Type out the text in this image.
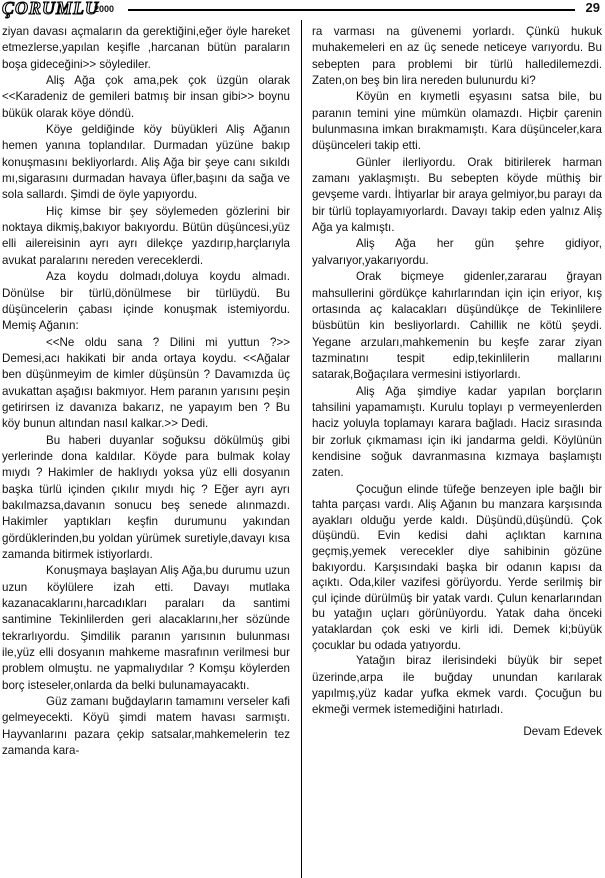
ÇORUMLU
2000	29

ziyan davası açmaların da gerektiğini,eğer öyle hareket etmezlerse,yapılan keşifle ,harcanan bütün paraların boşa gideceğini>> söylediler.

Aliş Ağa çok ama,pek çok üzgün olarak <<Karadeniz de gemileri batmış bir insan gibi>> boynu bükük olarak köye döndü.

Köye geldiğinde köy büyükleri Aliş Ağanın hemen yanına toplandılar. Durmadan yüzüne bakıp konuşmasını bekliyorlardı. Aliş Ağa bir şeye canı sıkıldı mı,sigarasını durmadan havaya üfler,başını da sağa ve sola sallardı. Şimdi de öyle yapıyordu.

Hiç kimse bir şey söylemeden gözlerini bir noktaya dikmiş,bakıyor bakıyordu. Bütün düşüncesi,yüz elli ailereisinin ayrı ayrı dilekçe yazdırıp,harçlarıyla avukat paralarını nereden vereceklerdi.

Aza koydu dolmadı,doluya koydu almadı. Dönülse bir türlü,dönülmese bir türlüydü. Bu düşüncelerin çabası içinde konuşmak istemiyordu. Memiş Ağanın:

<<Ne oldu sana ? Dilini mi yuttun ?>> Demesi,acı hakikati bir anda ortaya koydu. <<Ağalar ben düşünmeyim de kimler düşünsün ? Davamızda üç avukattan aşağısı bakmıyor. Hem paranın yarısını peşin getirirsen iz davanıza bakarız, ne yapayım ben ? Bu köy bunun altından nasıl kalkar.>> Dedi.

Bu haberi duyanlar soğuksu dökülmüş gibi yerlerinde dona kaldılar. Köyde para bulmak kolay mıydı ? Hakimler de haklıydı yoksa yüz elli dosyanın başka türlü içinden çıkılır mıydı hiç ? Eğer ayrı ayrı bakılmazsa,davanın sonucu beş senede alınmazdı. Hakimler yaptıkları keşfin durumunu yakından gördüklerinden,bu yoldan yürümek suretiyle,davayı kısa zamanda bitirmek istiyorlardı.

Konuşmaya başlayan Aliş Ağa,bu durumu uzun uzun köylülere izah etti. Davayı mutlaka kazanacaklarını,harcadıkları paraları da santimi santimine Tekinlilerden geri alacaklarını,her sözünde tekrarlıyordu. Şimdilik paranın yarısının bulunması ile,yüz elli dosyanın mahkeme masrafının verilmesi bur problem olmuştu. ne yapmalıydılar ? Komşu köylerden borç isteseler,onlarda da belki bulunamayacaktı.

Güz zamanı buğdayların tamamını verseler kafi gelmeyecekti. Köyü şimdi matem havası sarmıştı. Hayvanlarını pazara çekip satsalar,mahkemelerin tez zamanda kara-

ra varması na güvenemi yorlardı. Çünkü hukuk muhakemeleri en az üç senede neticeye varıyordu. Bu sebepten para problemi bir türlü halledilemezdi. Zaten,on beş bin lira nereden bulunurdu ki?

Köyün en kıymetli eşyasını satsa bile, bu paranın temini yine mümkün olamazdı. Hiçbir çarenin bulunmasına imkan bırakmamıştı. Kara düşünceler,kara düşünceleri takip etti.

Günler ilerliyordu. Orak bitirilerek harman zamanı yaklaşmıştı. Bu sebepten köyde müthiş bir gevşeme vardı. İhtiyarlar bir araya gelmiyor,bu parayı da bir türlü toplayamıyorlardı. Davayı takip eden yalnız Aliş Ağa ya kalmıştı.

Aliş Ağa her gün şehre gidiyor, yalvarıyor,yakarıyordu.

Orak biçmeye gidenler,zararau ğrayan mahsullerini gördükçe kahırlarından için için eriyor, kış ortasında aç kalacakları düşündükçe de Tekinlilere büsbütün kin besliyorlardı. Cahillik ne kötü şeydi. Yegane arzuları,mahkemenin bu keşfe zarar ziyan tazminatını tespit edip,tekinlilerin mallarını satarak,Boğaçılara vermesini istiyorlardı.

Aliş Ağa şimdiye kadar yapılan borçların tahsilini yapamamıştı. Kurulu toplayı p vermeyenlerden haciz yoluyla toplamayı karara bağladı. Haciz sırasında bir zorluk çıkmaması için iki jandarma geldi. Köylünün kendisine soğuk davranmasına kızmaya başlamıştı zaten.

Çocuğun elinde tüfeğe benzeyen iple bağlı bir tahta parçası vardı. Aliş Ağanın bu manzara karşısında ayakları olduğu yerde kaldı. Düşündü,düşündü. Çok düşündü. Evin kedisi dahi açlıktan karnına geçmiş,yemek verecekler diye sahibinin gözüne bakıyordu. Karşısındaki başka bir odanın kapısı da açıktı. Oda,kiler vazifesi görüyordu. Yerde serilmiş bir çul içinde dürülmüş bir yatak vardı. Çulun kenarlarından bu yatağın uçları görünüyordu. Yatak daha önceki yataklardan çok eski ve kirli idi. Demek ki;büyük çocuklar bu odada yatıyordu.

Yatağın biraz ilerisindeki büyük bir sepet üzerinde,arpa ile buğday unundan karılarak yapılmış,yüz kadar yufka ekmek vardı. Çocuğun bu ekmeği vermek istemediğini hatırladı.

Devam Edevek
